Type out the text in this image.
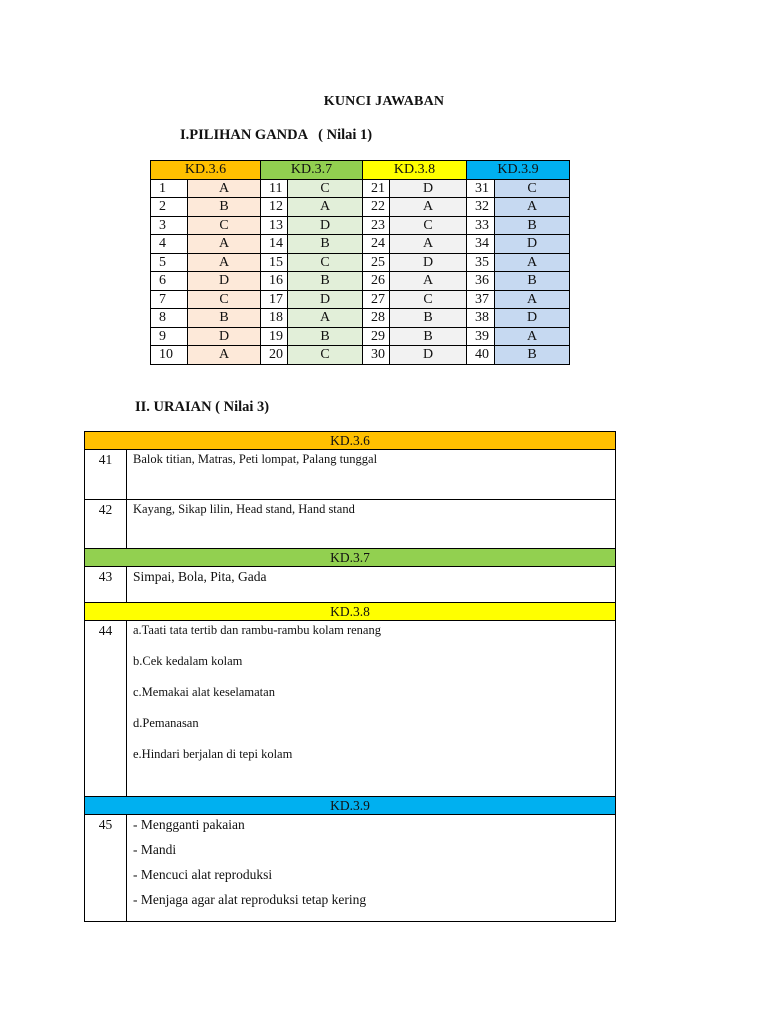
KUNCI JAWABAN
I.PILIHAN GANDA   ( Nilai 1)
KD.3.6		KD.3.7		KD.3.8		KD.3.9	
1	A	11	C	21	D	31	C
2	B	12	A	22	A	32	A
3	C	13	D	23	C	33	B
4	A	14	B	24	A	34	D
5	A	15	C	25	D	35	A
6	D	16	B	26	A	36	B
7	C	17	D	27	C	37	A
8	B	18	A	28	B	38	D
9	D	19	B	29	B	39	A
10	A	20	C	30	D	40	B
II. URAIAN ( Nilai 3)
KD.3.6	
41	Balok titian, Matras, Peti lompat, Palang tunggal

42	Kayang, Sikap lilin, Head stand, Hand stand

KD.3.7	
43	Simpai, Bola, Pita, Gada

KD.3.8	
44	a.Taati tata tertib dan rambu-rambu kolam renang
b.Cek kedalam kolam
c.Memakai alat keselamatan
d.Pemanasan
e.Hindari berjalan di tepi kolam

KD.3.9	
45	- Mengganti pakaian
- Mandi
- Mencuci alat reproduksi
- Menjaga agar alat reproduksi tetap kering
